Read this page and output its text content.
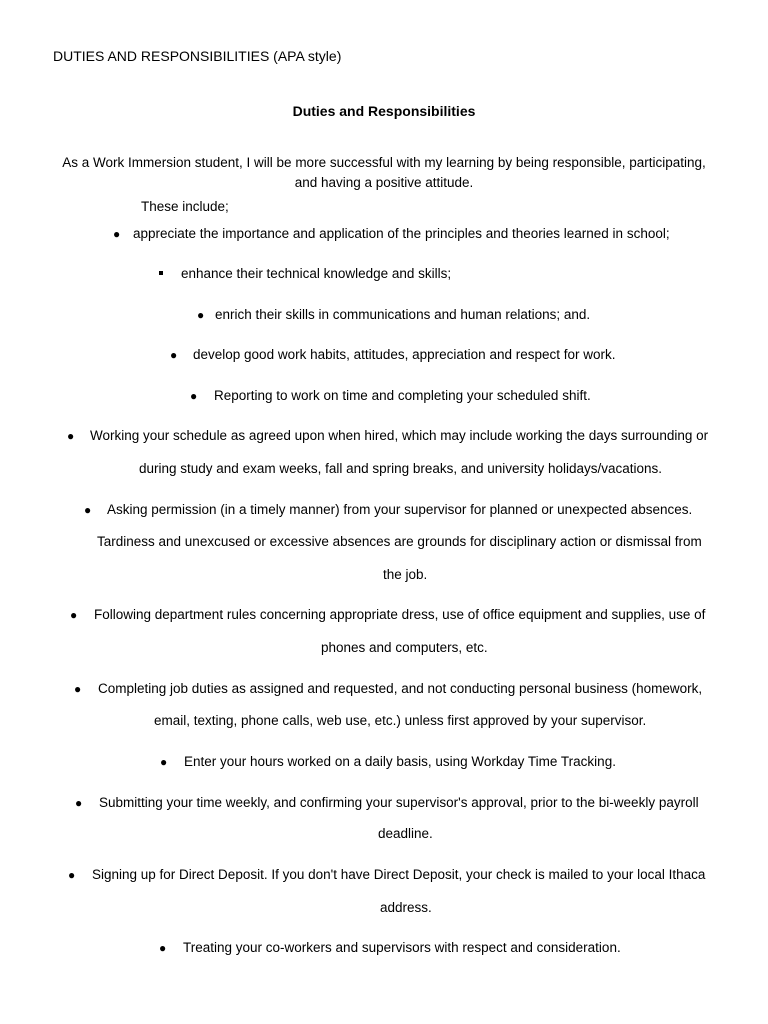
DUTIES AND RESPONSIBILITIES (APA style)
Duties and Responsibilities
As a Work Immersion student, I will be more successful with my learning by being responsible, participating,
and having a positive attitude.
These include;
● appreciate the importance and application of the principles and theories learned in school;
enhance their technical knowledge and skills;
● enrich their skills in communications and human relations; and.
● develop good work habits, attitudes, appreciation and respect for work.
● Reporting to work on time and completing your scheduled shift.
● Working your schedule as agreed upon when hired, which may include working the days surrounding or
during study and exam weeks, fall and spring breaks, and university holidays/vacations.
● Asking permission (in a timely manner) from your supervisor for planned or unexpected absences.
Tardiness and unexcused or excessive absences are grounds for disciplinary action or dismissal from
the job.
● Following department rules concerning appropriate dress, use of office equipment and supplies, use of
phones and computers, etc.
● Completing job duties as assigned and requested, and not conducting personal business (homework,
email, texting, phone calls, web use, etc.) unless first approved by your supervisor.
● Enter your hours worked on a daily basis, using Workday Time Tracking.
● Submitting your time weekly, and confirming your supervisor's approval, prior to the bi-weekly payroll
deadline.
● Signing up for Direct Deposit. If you don't have Direct Deposit, your check is mailed to your local Ithaca
address.
● Treating your co-workers and supervisors with respect and consideration.
